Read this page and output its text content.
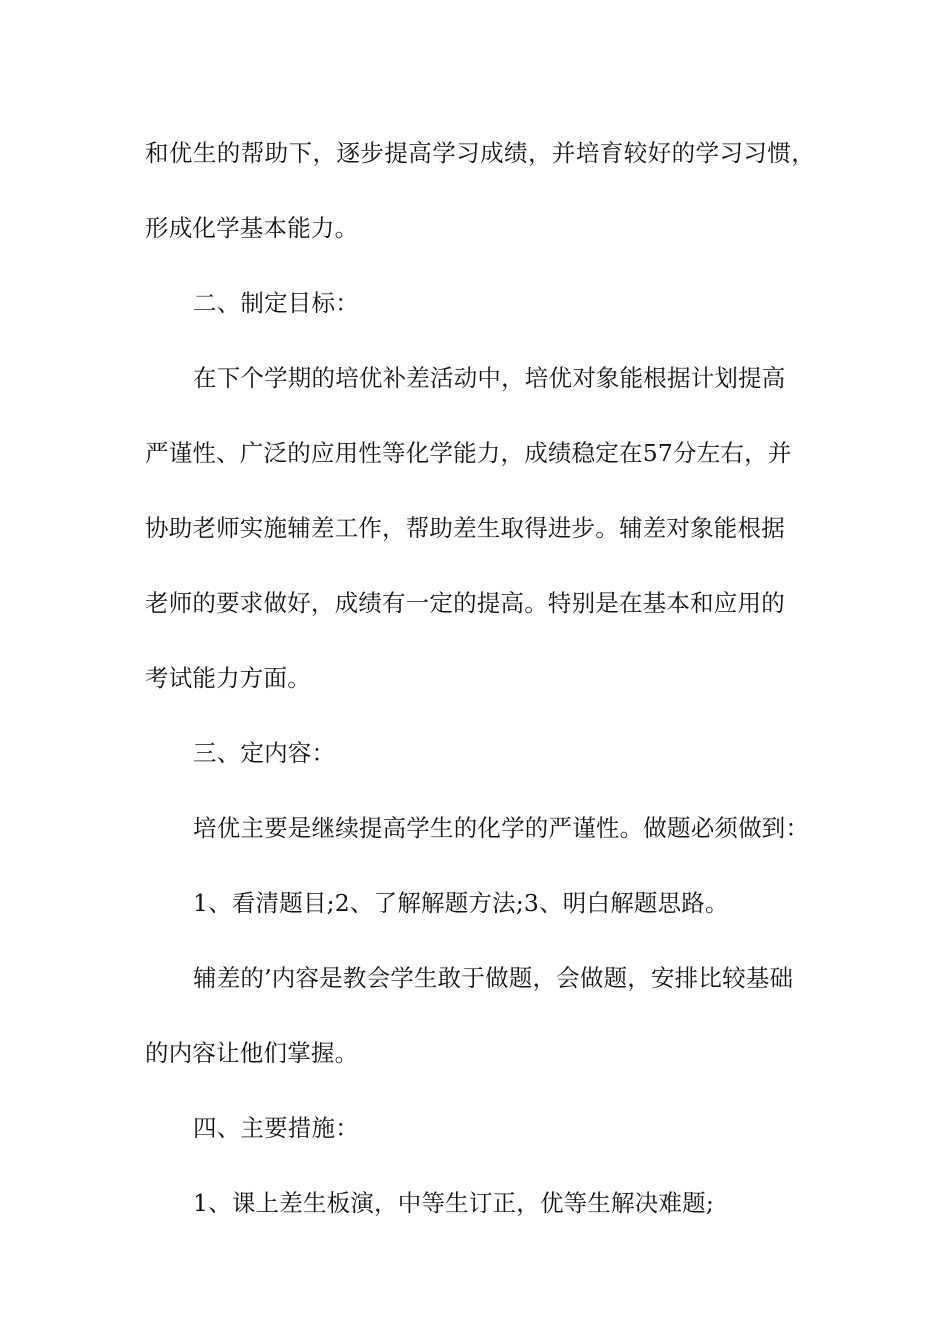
和优生的帮助下，逐步提高学习成绩，并培育较好的学习习惯，
形成化学基本能力。
二、制定目标：
在下个学期的培优补差活动中，培优对象能根据计划提高
严谨性、广泛的应用性等化学能力，成绩稳定在57分左右，并
协助老师实施辅差工作，帮助差生取得进步。辅差对象能根据
老师的要求做好，成绩有一定的提高。特别是在基本和应用的
考试能力方面。
三、定内容：
培优主要是继续提高学生的化学的严谨性。做题必须做到：
1、看清题目;2、了解解题方法;3、明白解题思路。
辅差的’内容是教会学生敢于做题，会做题，安排比较基础
的内容让他们掌握。
四、主要措施：
1、课上差生板演，中等生订正，优等生解决难题;
